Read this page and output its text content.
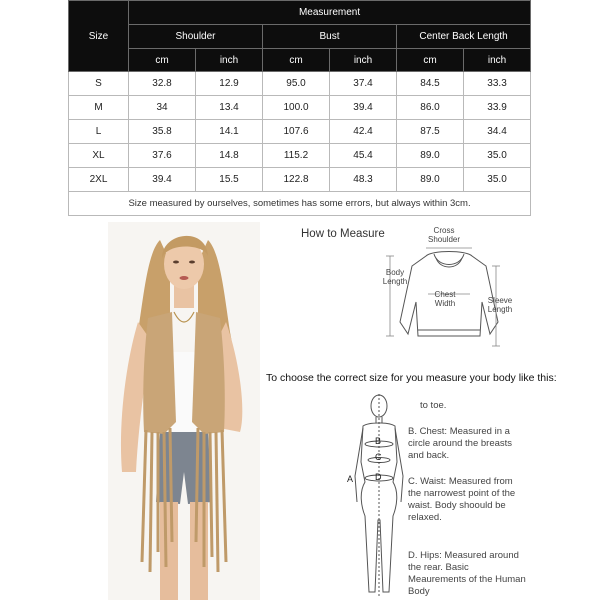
Size	Measurement					
	Shoulder		Bust		Center Back Length	
	cm	inch	cm	inch	cm	inch
S	32.8	12.9	95.0	37.4	84.5	33.3
M	34	13.4	100.0	39.4	86.0	33.9
L	35.8	14.1	107.6	42.4	87.5	34.4
XL	37.6	14.8	115.2	45.4	89.0	35.0
2XL	39.4	15.5	122.8	48.3	89.0	35.0
Size measured by ourselves, sometimes has some errors, but always within 3cm.						
How to Measure	Cross Shoulder
Body Length
Chest Width	Sleeve Length
To choose the correct size for you measure your body like this:
B
C
D
A
to toe.
B. Chest: Measured in a circle around the breasts and back.
C. Waist: Measured from the narrowest point of the waist. Body shoould be relaxed.
D. Hips: Measured around the rear. Basic Meaurements of the Human Body
